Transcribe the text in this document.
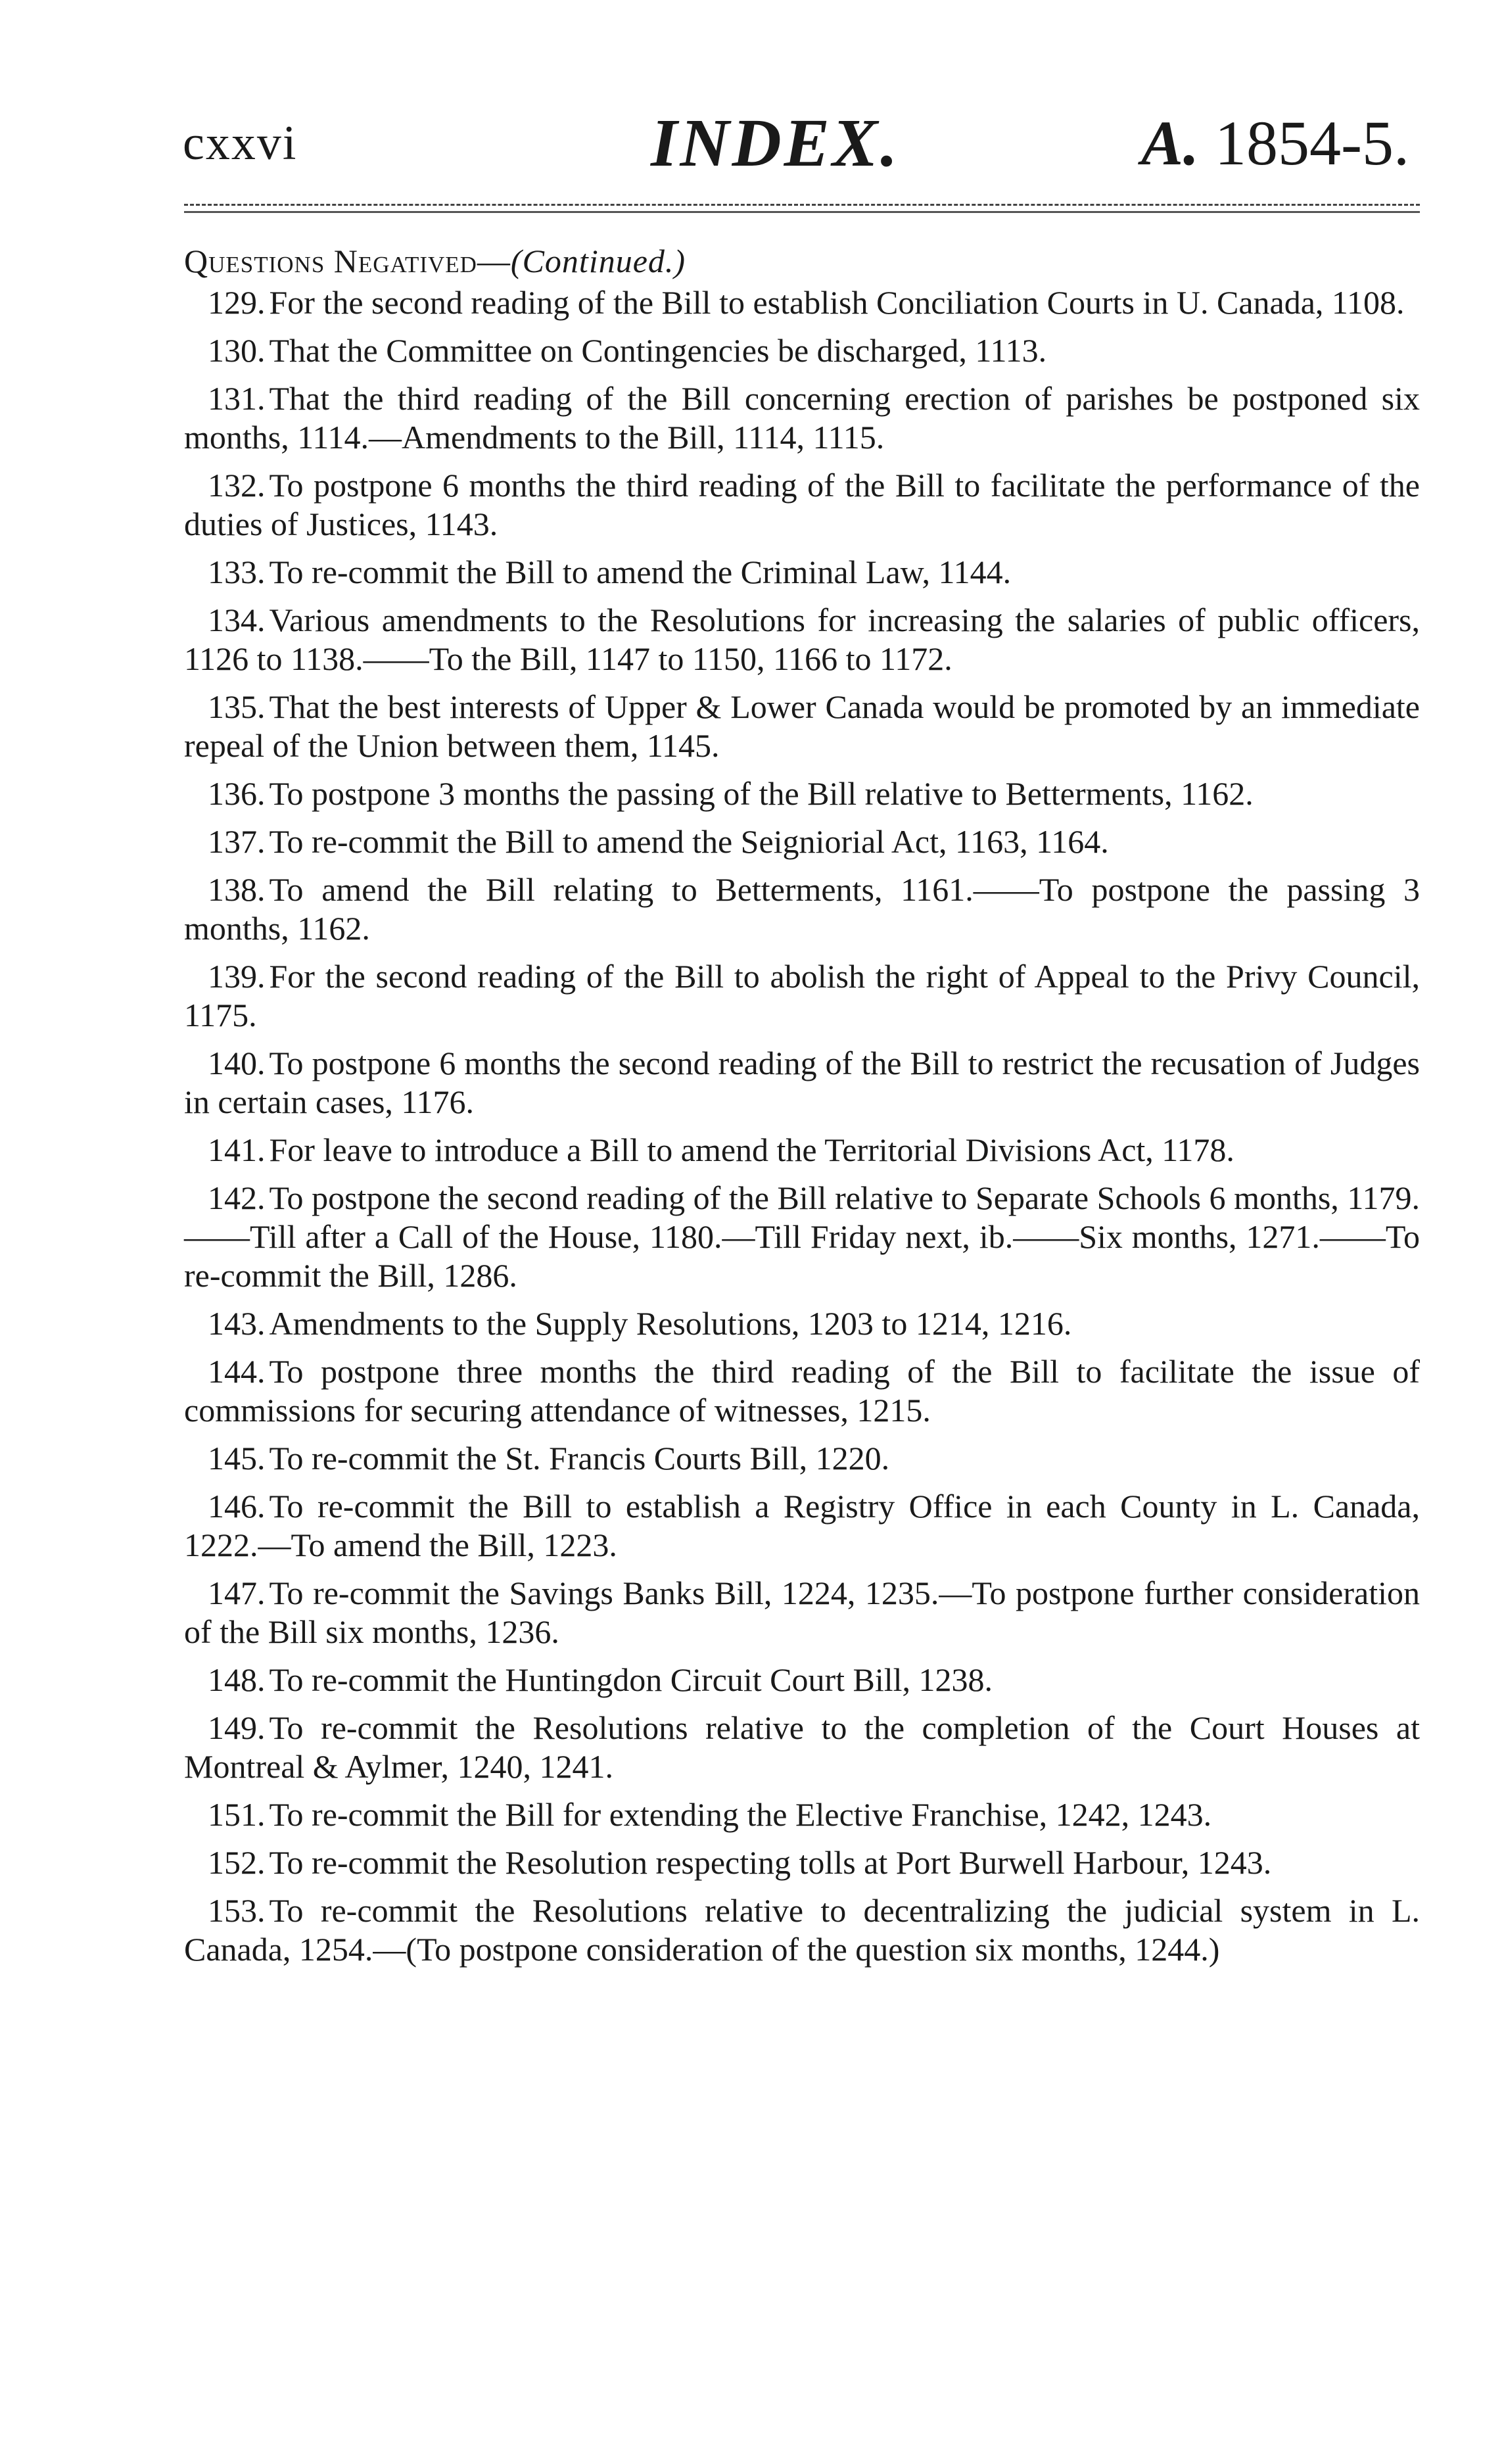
cxxvi	INDEX.	A. 1854-5.

Questions Negatived—(Continued.)

129. For the second reading of the Bill to establish Conciliation Courts in U. Canada, 1108.

130. That the Committee on Contingencies be discharged, 1113.

131. That the third reading of the Bill concerning erection of parishes be postponed six months, 1114.—Amendments to the Bill, 1114, 1115.

132. To postpone 6 months the third reading of the Bill to facilitate the performance of the duties of Justices, 1143.

133. To re-commit the Bill to amend the Criminal Law, 1144.

134. Various amendments to the Resolutions for increasing the salaries of public officers, 1126 to 1138.——To the Bill, 1147 to 1150, 1166 to 1172.

135. That the best interests of Upper & Lower Canada would be promoted by an immediate repeal of the Union between them, 1145.

136. To postpone 3 months the passing of the Bill relative to Betterments, 1162.

137. To re-commit the Bill to amend the Seigniorial Act, 1163, 1164.

138. To amend the Bill relating to Betterments, 1161.——To postpone the passing 3 months, 1162.

139. For the second reading of the Bill to abolish the right of Appeal to the Privy Council, 1175.

140. To postpone 6 months the second reading of the Bill to restrict the recusation of Judges in certain cases, 1176.

141. For leave to introduce a Bill to amend the Territorial Divisions Act, 1178.

142. To postpone the second reading of the Bill relative to Separate Schools 6 months, 1179.——Till after a Call of the House, 1180.—Till Friday next, ib.——Six months, 1271.——To re-commit the Bill, 1286.

143. Amendments to the Supply Resolutions, 1203 to 1214, 1216.

144. To postpone three months the third reading of the Bill to facilitate the issue of commissions for securing attendance of witnesses, 1215.

145. To re-commit the St. Francis Courts Bill, 1220.

146. To re-commit the Bill to establish a Registry Office in each County in L. Canada, 1222.—To amend the Bill, 1223.

147. To re-commit the Savings Banks Bill, 1224, 1235.—To postpone further consideration of the Bill six months, 1236.

148. To re-commit the Huntingdon Circuit Court Bill, 1238.

149. To re-commit the Resolutions relative to the completion of the Court Houses at Montreal & Aylmer, 1240, 1241.

151. To re-commit the Bill for extending the Elective Franchise, 1242, 1243.

152. To re-commit the Resolution respecting tolls at Port Burwell Harbour, 1243.

153. To re-commit the Resolutions relative to decentralizing the judicial system in L. Canada, 1254.—(To postpone consideration of the question six months, 1244.)
